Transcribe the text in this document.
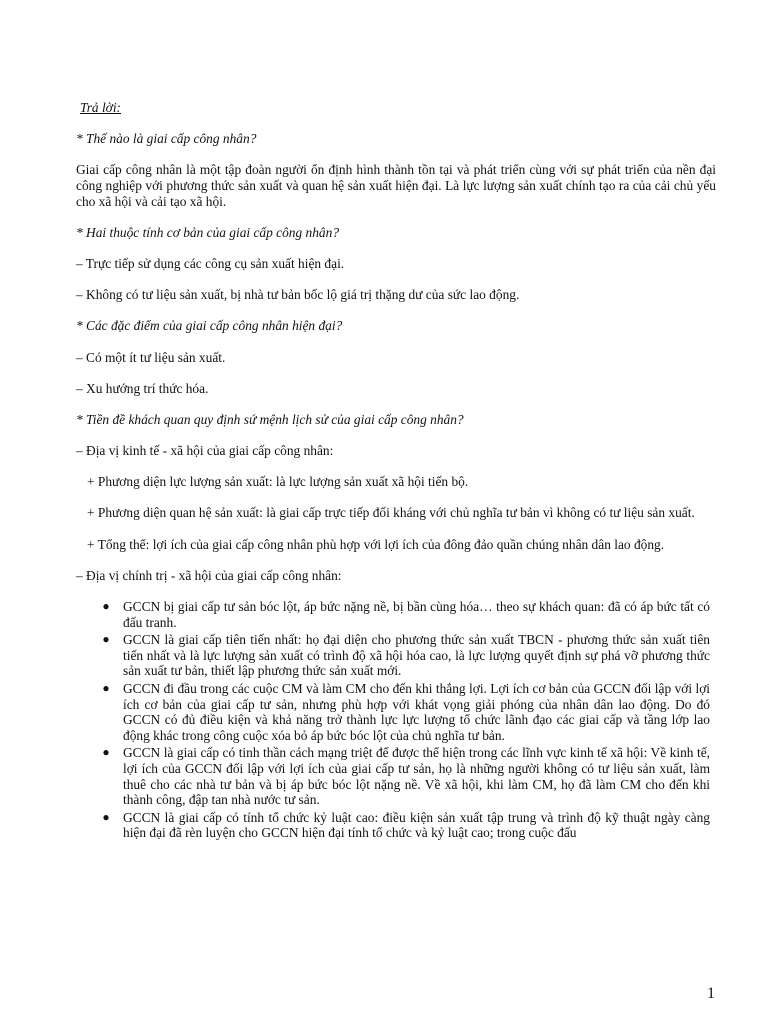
Trả lời:

* Thế nào là giai cấp công nhân?

Giai cấp công nhân là một tập đoàn người ổn định hình thành tồn tại và phát triển cùng với sự phát triển của nền đại công nghiệp với phương thức sản xuất và quan hệ sản xuất hiện đại. Là lực lượng sản xuất chính tạo ra của cải chủ yếu cho xã hội và cải tạo xã hội.

* Hai thuộc tính cơ bản của giai cấp công nhân?

– Trực tiếp sử dụng các công cụ sản xuất hiện đại.

– Không có tư liệu sản xuất, bị nhà tư bản bốc lộ giá trị thặng dư của sức lao động.

* Các đặc điểm của giai cấp công nhân hiện đại?

– Có một ít tư liệu sản xuất.

– Xu hướng trí thức hóa.

* Tiền đề khách quan quy định sứ mệnh lịch sử của giai cấp công nhân?

– Địa vị kinh tế - xã hội của giai cấp công nhân:

+ Phương diện lực lượng sản xuất: là lực lượng sản xuất xã hội tiến bộ.

+ Phương diện quan hệ sản xuất: là giai cấp trực tiếp đối kháng với chủ nghĩa tư bản vì không có tư liệu sản xuất.

+ Tổng thể: lợi ích của giai cấp công nhân phù hợp với lợi ích của đông đảo quần chúng nhân dân lao động.

– Địa vị chính trị - xã hội của giai cấp công nhân:

● GCCN bị giai cấp tư sản bóc lột, áp bức nặng nề, bị bần cùng hóa… theo sự khách quan: đã có áp bức tất có đấu tranh.
● GCCN là giai cấp tiên tiến nhất: họ đại diện cho phương thức sản xuất TBCN - phương thức sản xuất tiên tiến nhất và là lực lượng sản xuất có trình độ xã hội hóa cao, là lực lượng quyết định sự phá vỡ phương thức sản xuất tư bản, thiết lập phương thức sản xuất mới.
● GCCN đi đầu trong các cuộc CM và làm CM cho đến khi thắng lợi. Lợi ích cơ bản của GCCN đối lập với lợi ích cơ bản của giai cấp tư sản, nhưng phù hợp với khát vọng giải phóng của nhân dân lao động. Do đó GCCN có đủ điều kiện và khả năng trở thành lực lực lượng tổ chức lãnh đạo các giai cấp và tầng lớp lao động khác trong công cuộc xóa bỏ áp bức bóc lột của chủ nghĩa tư bản.
● GCCN là giai cấp có tinh thần cách mạng triệt để được thể hiện trong các lĩnh vực kinh tế xã hội: Về kinh tế, lợi ích của GCCN đối lập với lợi ích của giai cấp tư sản, họ là những người không có tư liệu sản xuất, làm thuê cho các nhà tư bản và bị áp bức bóc lột nặng nề. Về xã hội, khi làm CM, họ đã làm CM cho đến khi thành công, đập tan nhà nước tư sản.
● GCCN là giai cấp có tính tổ chức kỷ luật cao: điều kiện sản xuất tập trung và trình độ kỹ thuật ngày càng hiện đại đã rèn luyện cho GCCN hiện đại tính tổ chức và kỷ luật cao; trong cuộc đấu
1
